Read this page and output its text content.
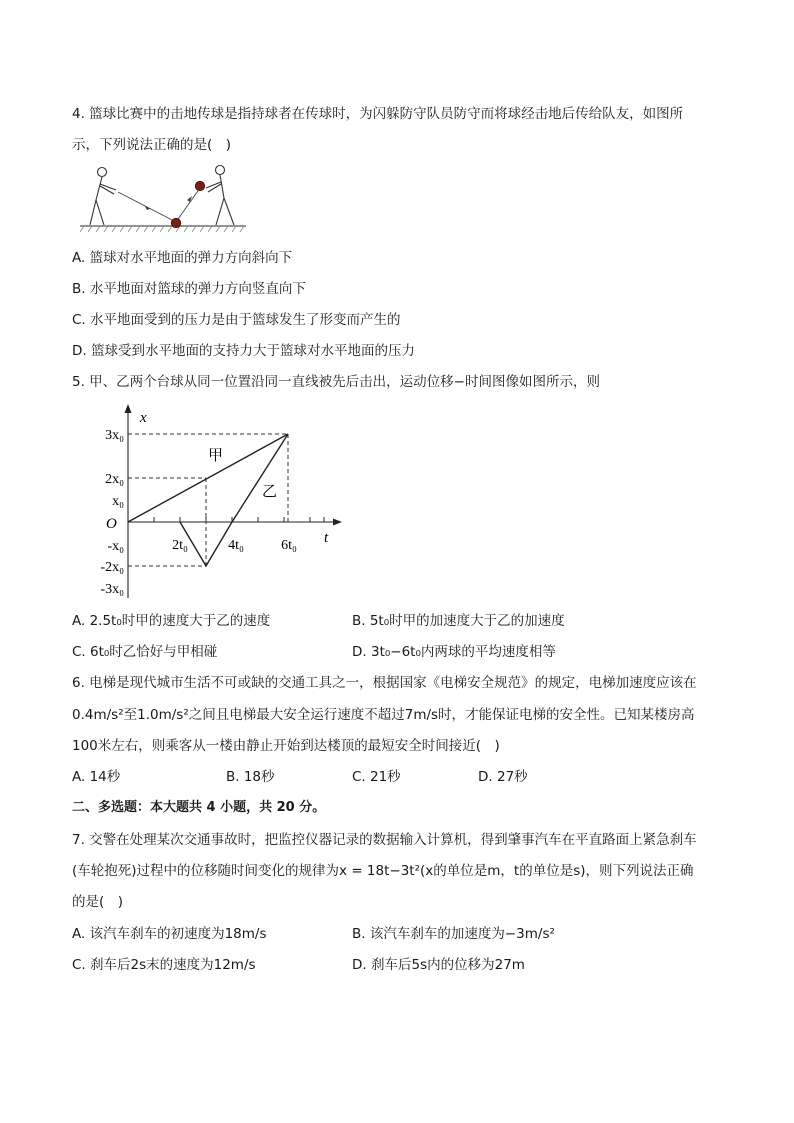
4. 篮球比赛中的击地传球是指持球者在传球时，为闪躲防守队员防守而将球经击地后传给队友，如图所
示，下列说法正确的是(　)
A. 篮球对水平地面的弹力方向斜向下
B. 水平地面对篮球的弹力方向竖直向下
C. 水平地面受到的压力是由于篮球发生了形变而产生的
D. 篮球受到水平地面的支持力大于篮球对水平地面的压力
5. 甲、乙两个台球从同一位置沿同一直线被先后击出，运动位移−时间图像如图所示，则
x
t
O
3x₀
2x₀
x₀
-x₀
-2x₀
-3x₀
2t₀	4t₀	6t₀
甲
乙
A. 2.5t₀时甲的速度大于乙的速度	B. 5t₀时甲的加速度大于乙的加速度
C. 6t₀时乙恰好与甲相碰	D. 3t₀−6t₀内两球的平均速度相等
6. 电梯是现代城市生活不可或缺的交通工具之一，根据国家《电梯安全规范》的规定，电梯加速度应该在
0.4m/s²至1.0m/s²之间且电梯最大安全运行速度不超过7m/s时，才能保证电梯的安全性。已知某楼房高
100米左右，则乘客从一楼由静止开始到达楼顶的最短安全时间接近(　)
A. 14秒	B. 18秒	C. 21秒	D. 27秒
二、多选题：本大题共 4 小题，共 20 分。
7. 交警在处理某次交通事故时，把监控仪器记录的数据输入计算机，得到肇事汽车在平直路面上紧急刹车
(车轮抱死)过程中的位移随时间变化的规律为x = 18t−3t²(x的单位是m，t的单位是s)，则下列说法正确
的是(　)
A. 该汽车刹车的初速度为18m/s	B. 该汽车刹车的加速度为−3m/s²
C. 刹车后2s末的速度为12m/s	D. 刹车后5s内的位移为27m
